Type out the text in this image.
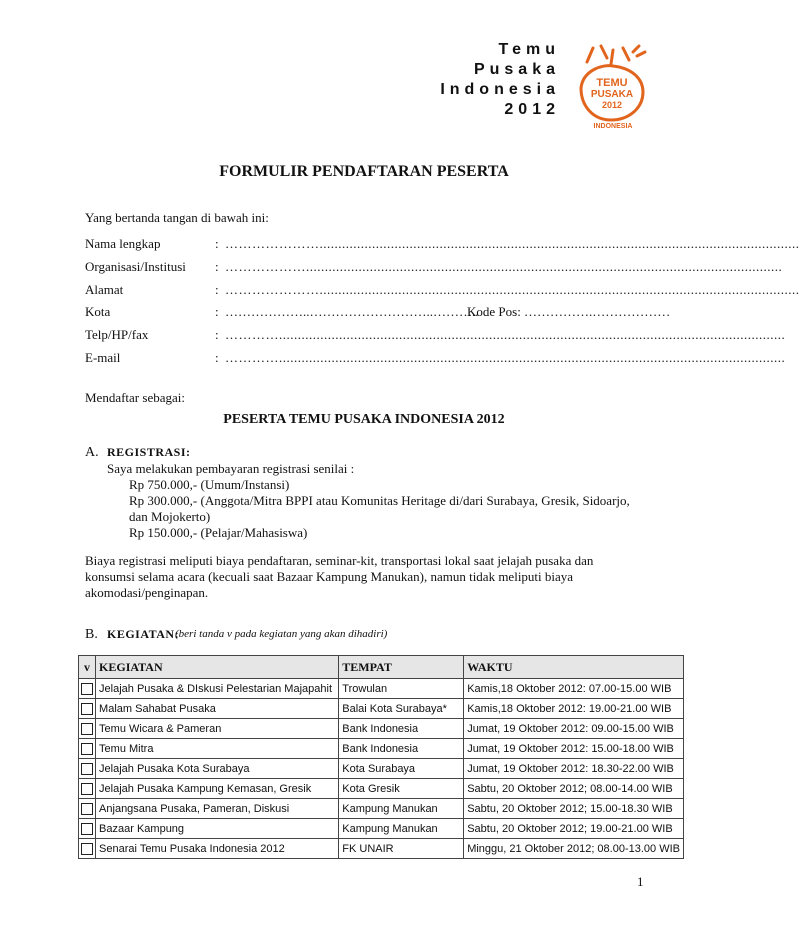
Temu
Pusaka
Indonesia
2012
TEMU
PUSAKA
2012
INDONESIA
FORMULIR PENDAFTARAN PESERTA
Yang bertanda tangan di bawah ini:
Nama lengkap	: …………………................................................................................................................................
Organisasi/Institusi : ………………...............................................................................................................................
Alamat	: …………………................................................................................................................................
Kota	: ………………..………………………..………..
Kode Pos: …………….………………
Telp/HP/fax	: ………….......................................................................................................................................
E-mail	: ………….......................................................................................................................................
Mendaftar sebagai:
PESERTA TEMU PUSAKA INDONESIA 2012
A. REGISTRASI:
Saya melakukan pembayaran registrasi senilai :
Rp 750.000,- (Umum/Instansi)
Rp 300.000,- (Anggota/Mitra BPPI atau Komunitas Heritage di/dari Surabaya, Gresik, Sidoarjo,
dan Mojokerto)
Rp 150.000,- (Pelajar/Mahasiswa)
Biaya registrasi meliputi biaya pendaftaran, seminar-kit, transportasi lokal saat jelajah pusaka dan
konsumsi selama acara (kecuali saat Bazaar Kampung Manukan), namun tidak meliputi biaya
akomodasi/penginapan.
B. KEGIATAN:
(beri tanda v pada kegiatan yang akan dihadiri)
v	KEGIATAN	TEMPAT	WAKTU
	Jelajah Pusaka & DIskusi Pelestarian Majapahit	Trowulan	Kamis,18 Oktober 2012: 07.00-15.00 WIB
	Malam Sahabat Pusaka	Balai Kota Surabaya*	Kamis,18 Oktober 2012: 19.00-21.00 WIB
	Temu Wicara & Pameran	Bank Indonesia	Jumat, 19 Oktober 2012: 09.00-15.00 WIB
	Temu Mitra	Bank Indonesia	Jumat, 19 Oktober 2012: 15.00-18.00 WIB
	Jelajah Pusaka Kota Surabaya	Kota Surabaya	Jumat, 19 Oktober 2012: 18.30-22.00 WIB
	Jelajah Pusaka Kampung Kemasan, Gresik	Kota Gresik	Sabtu, 20 Oktober 2012; 08.00-14.00 WIB
	Anjangsana Pusaka, Pameran, Diskusi	Kampung Manukan	Sabtu, 20 Oktober 2012; 15.00-18.30 WIB
	Bazaar Kampung	Kampung Manukan	Sabtu, 20 Oktober 2012; 19.00-21.00 WIB
	Senarai Temu Pusaka Indonesia 2012	FK UNAIR	Minggu, 21 Oktober 2012; 08.00-13.00 WIB
1
